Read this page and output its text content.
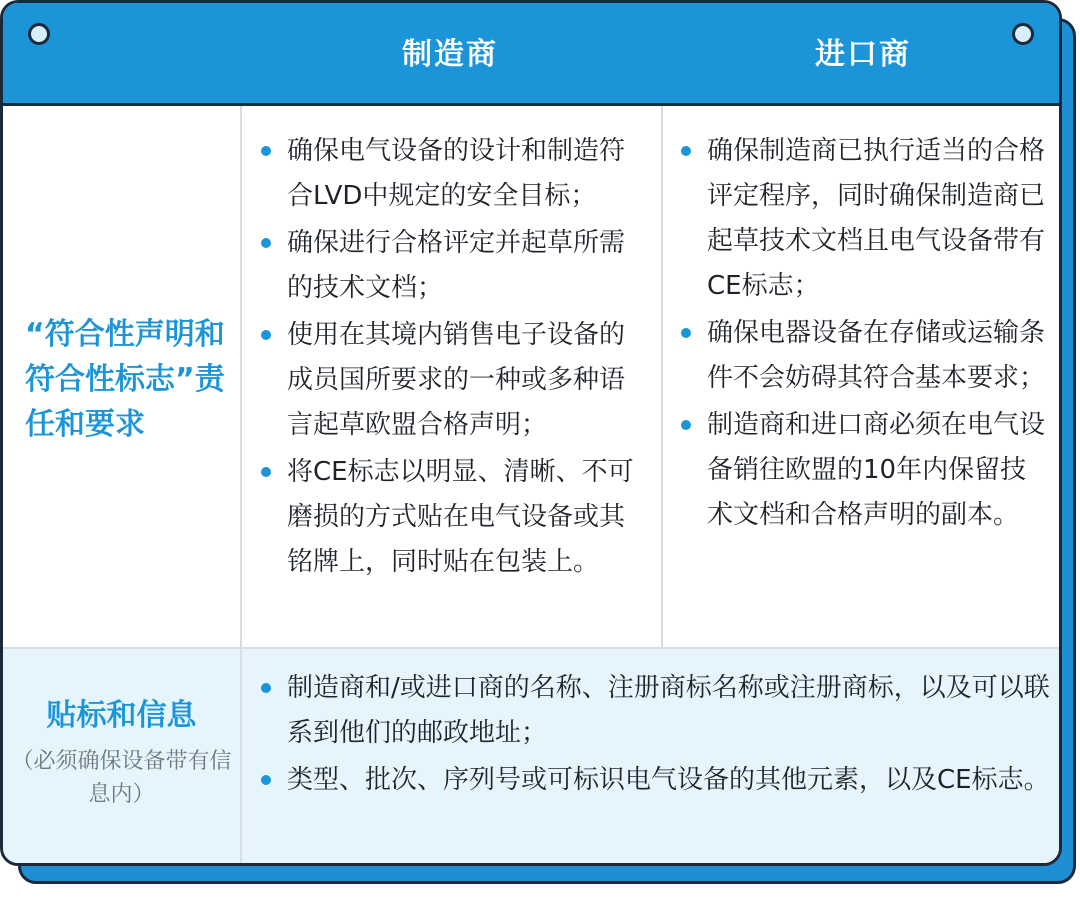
制造商	进口商
“符合性声明和符合性标志”责任和要求
确保电气设备的设计和制造符合LVD中规定的安全目标；
确保进行合格评定并起草所需的技术文档；
使用在其境内销售电子设备的成员国所要求的一种或多种语言起草欧盟合格声明；
将CE标志以明显、清晰、不可磨损的方式贴在电气设备或其铭牌上，同时贴在包装上。
确保制造商已执行适当的合格评定程序，同时确保制造商已起草技术文档且电气设备带有CE标志；
确保电器设备在存储或运输条件不会妨碍其符合基本要求；
制造商和进口商必须在电气设备销往欧盟的10年内保留技术文档和合格声明的副本。
贴标和信息
（必须确保设备带有信息内）
制造商和/或进口商的名称、注册商标名称或注册商标，以及可以联系到他们的邮政地址；
类型、批次、序列号或可标识电气设备的其他元素，以及CE标志。
